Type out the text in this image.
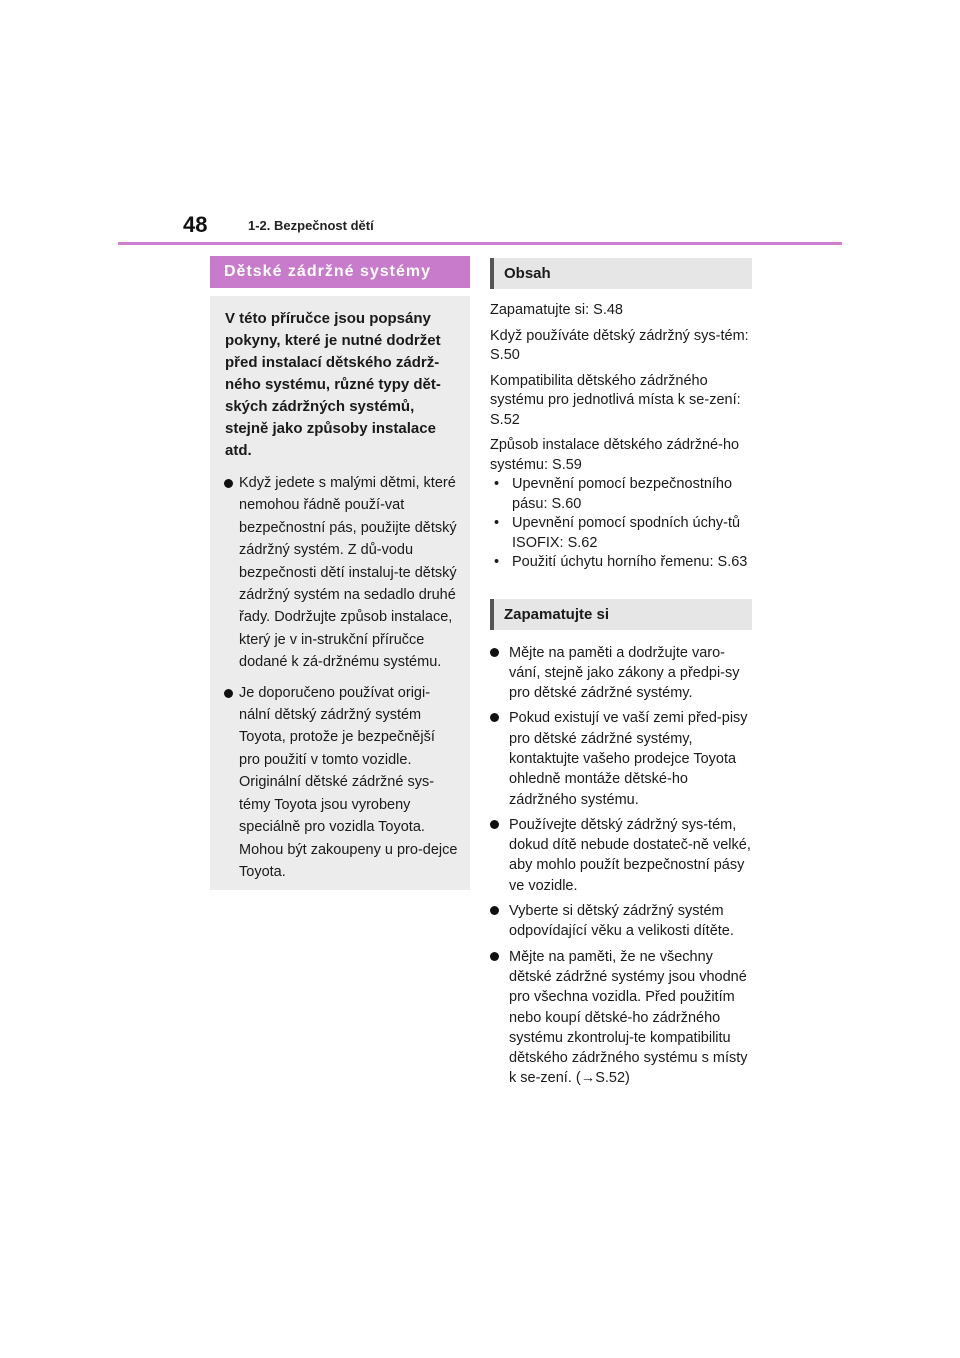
48	1-2. Bezpečnost dětí
Dětské zádržné systémy

V této příručce jsou popsány pokyny, které je nutné dodržet před instalací dětského zádrž-ného systému, různé typy dět-ských zádržných systémů, stejně jako způsoby instalace atd.

Když jedete s malými dětmi, které nemohou řádně použí-vat bezpečnostní pás, použijte dětský zádržný systém. Z dů-vodu bezpečnosti dětí instaluj-te dětský zádržný systém na sedadlo druhé řady. Dodržujte způsob instalace, který je v in-strukční příručce dodané k zá-držnému systému.
Je doporučeno používat origi-nální dětský zádržný systém Toyota, protože je bezpečnější pro použití v tomto vozidle. Originální dětské zádržné sys-témy Toyota jsou vyrobeny speciálně pro vozidla Toyota. Mohou být zakoupeny u pro-dejce Toyota.
Obsah
Zapamatujte si: S.48
Když používáte dětský zádržný sys-tém: S.50
Kompatibilita dětského zádržného systému pro jednotlivá místa k se-zení: S.52
Způsob instalace dětského zádržné-ho systému: S.59
• Upevnění pomocí bezpečnostního pásu: S.60
• Upevnění pomocí spodních úchy-tů ISOFIX: S.62
• Použití úchytu horního řemenu: S.63
Zapamatujte si
Mějte na paměti a dodržujte varo-vání, stejně jako zákony a předpi-sy pro dětské zádržné systémy.
Pokud existují ve vaší zemi před-pisy pro dětské zádržné systémy, kontaktujte vašeho prodejce Toyota ohledně montáže dětské-ho zádržného systému.
Používejte dětský zádržný sys-tém, dokud dítě nebude dostateč-ně velké, aby mohlo použít bezpečnostní pásy ve vozidle.
Vyberte si dětský zádržný systém odpovídající věku a velikosti dítěte.
Mějte na paměti, že ne všechny dětské zádržné systémy jsou vhodné pro všechna vozidla. Před použitím nebo koupí dětské-ho zádržného systému zkontroluj-te kompatibilitu dětského zádržného systému s místy k se-zení. (→S.52)
